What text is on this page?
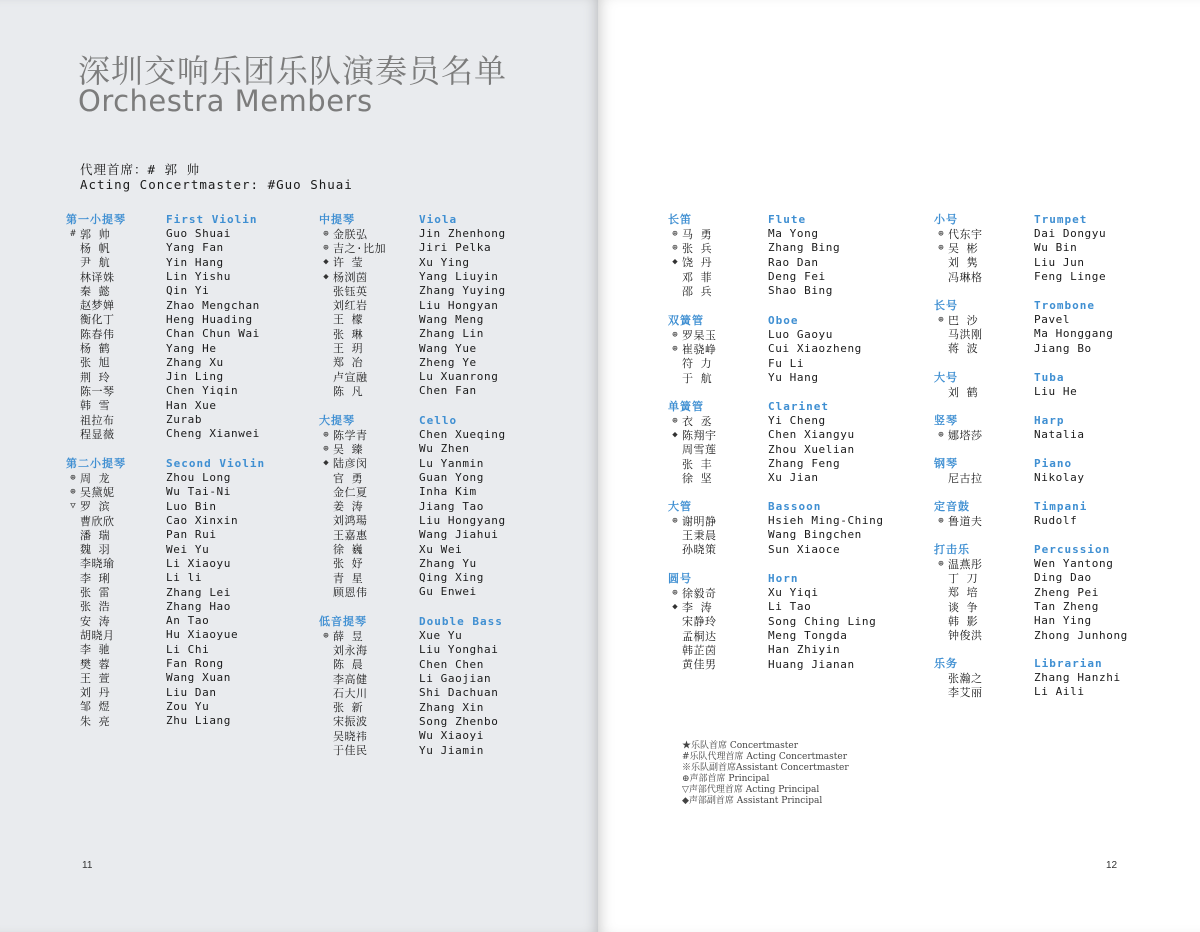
深圳交响乐团乐队演奏员名单
Orchestra Members
代理首席：# 郭 帅
Acting Concertmaster: #Guo Shuai
第一小提琴	First Violin
# 郭 帅	Guo Shuai
杨 帆	Yang Fan
尹 航	Yin Hang
林译姝	Lin Yishu
秦 懿	Qin Yi
赵梦婵	Zhao Mengchan
衡化丁	Heng Huading
陈春伟	Chan Chun Wai
杨 鹤	Yang He
张 旭	Zhang Xu
荆 玲	Jin Ling
陈一琴	Chen Yiqin
韩 雪	Han Xue
祖拉布	Zurab
程显薇	Cheng Xianwei
第二小提琴	Second Violin
⊕ 周 龙	Zhou Long
⊕ 吴黛妮	Wu Tai-Ni
▽ 罗 滨	Luo Bin
曹欣欣	Cao Xinxin
潘 瑞	Pan Rui
魏 羽	Wei Yu
李晓瑜	Li Xiaoyu
李 琍	Li li
张 雷	Zhang Lei
张 浩	Zhang Hao
安 涛	An Tao
胡晓月	Hu Xiaoyue
李 驰	Li Chi
樊 蓉	Fan Rong
王 萱	Wang Xuan
刘 丹	Liu Dan
邹 煜	Zou Yu
朱 亮	Zhu Liang
中提琴	Viola
⊕ 金朕弘	Jin Zhenhong
⊕ 吉之·比加	Jiri Pelka
◆ 许 莹	Xu Ying
◆ 杨浏茵	Yang Liuyin
张钰英	Zhang Yuying
刘红岩	Liu Hongyan
王 檬	Wang Meng
张 琳	Zhang Lin
王 玥	Wang Yue
郑 冶	Zheng Ye
卢宣融	Lu Xuanrong
陈 凡	Chen Fan
大提琴	Cello
⊕ 陈学青	Chen Xueqing
⊕ 吴 臻	Wu Zhen
◆ 陆彦闵	Lu Yanmin
官 勇	Guan Yong
金仁夏	Inha Kim
姜 涛	Jiang Tao
刘鸿瑒	Liu Hongyang
王嘉惠	Wang Jiahui
徐 巍	Xu Wei
张 妤	Zhang Yu
青 星	Qing Xing
顾恩伟	Gu Enwei
低音提琴	Double Bass
⊕ 薛 昱	Xue Yu
刘永海	Liu Yonghai
陈 晨	Chen Chen
李高健	Li Gaojian
石大川	Shi Dachuan
张 新	Zhang Xin
宋振波	Song Zhenbo
吴晓祎	Wu Xiaoyi
于佳民	Yu Jiamin
11
长笛	Flute
⊕ 马 勇	Ma Yong
⊕ 张 兵	Zhang Bing
◆ 饶 丹	Rao Dan
邓 菲	Deng Fei
邵 兵	Shao Bing
双簧管	Oboe
⊕ 罗杲玉	Luo Gaoyu
⊕ 崔骁峥	Cui Xiaozheng
符 力	Fu Li
于 航	Yu Hang
单簧管	Clarinet
⊕ 衣 丞	Yi Cheng
◆ 陈翔宇	Chen Xiangyu
周雪莲	Zhou Xuelian
张 丰	Zhang Feng
徐 坚	Xu Jian
大管	Bassoon
⊕ 谢明静	Hsieh Ming-Ching
王秉晨	Wang Bingchen
孙晓策	Sun Xiaoce
圆号	Horn
⊕ 徐毅奇	Xu Yiqi
◆ 李 涛	Li Tao
宋静玲	Song Ching Ling
孟桐达	Meng Tongda
韩芷茵	Han Zhiyin
黄佳男	Huang Jianan
小号	Trumpet
⊕ 代东宇	Dai Dongyu
⊕ 吴 彬	Wu Bin
刘 隽	Liu Jun
冯琳格	Feng Linge
长号	Trombone
⊕ 巴 沙	Pavel
马洪刚	Ma Honggang
蒋 波	Jiang Bo
大号	Tuba
刘 鹤	Liu He
竖琴	Harp
⊕ 娜塔莎	Natalia
钢琴	Piano
尼古拉	Nikolay
定音鼓	Timpani
⊕ 鲁道夫	Rudolf
打击乐	Percussion
⊕ 温燕彤	Wen Yantong
丁 刀	Ding Dao
郑 培	Zheng Pei
谈 争	Tan Zheng
韩 影	Han Ying
钟俊洪	Zhong Junhong
乐务	Librarian
张瀚之	Zhang Hanzhi
李艾丽	Li Aili
★乐队首席 Concertmaster
#乐队代理首席 Acting Concertmaster
※乐队副首席Assistant Concertmaster
⊕声部首席 Principal
▽声部代理首席 Acting Principal
◆声部副首席 Assistant Principal
12
